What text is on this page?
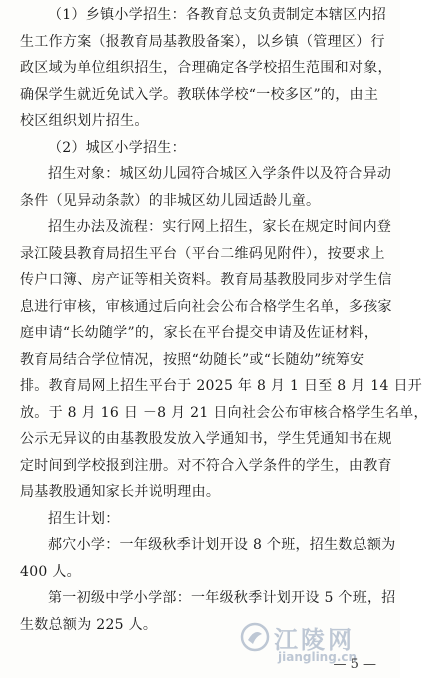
（1）乡镇小学招生：各教育总支负责制定本辖区内招
生工作方案（报教育局基教股备案），以乡镇（管理区）行
政区域为单位组织招生，合理确定各学校招生范围和对象，
确保学生就近免试入学。教联体学校“一校多区”的，由主
校区组织划片招生。
（2）城区小学招生：
招生对象：城区幼儿园符合城区入学条件以及符合异动
条件（见异动条款）的非城区幼儿园适龄儿童。
招生办法及流程：实行网上招生，家长在规定时间内登
录江陵县教育局招生平台（平台二维码见附件），按要求上
传户口簿、房产证等相关资料。教育局基教股同步对学生信
息进行审核，审核通过后向社会公布合格学生名单，多孩家
庭申请“长幼随学”的，家长在平台提交申请及佐证材料，
教育局结合学位情况，按照“幼随长”或“长随幼”统筹安
排。教育局网上招生平台于 2025 年 8 月 1 日至 8 月 14 日开
放。于 8 月 16 日 －8 月 21 日向社会公布审核合格学生名单，
公示无异议的由基教股发放入学通知书，学生凭通知书在规
定时间到学校报到注册。对不符合入学条件的学生，由教育
局基教股通知家长并说明理由。
招生计划：
郝穴小学：一年级秋季计划开设 8 个班，招生数总额为
400 人。
第一初级中学小学部：一年级秋季计划开设 5 个班，招
生数总额为 225 人。
江陵网
jiangling.cn
— 5 —
